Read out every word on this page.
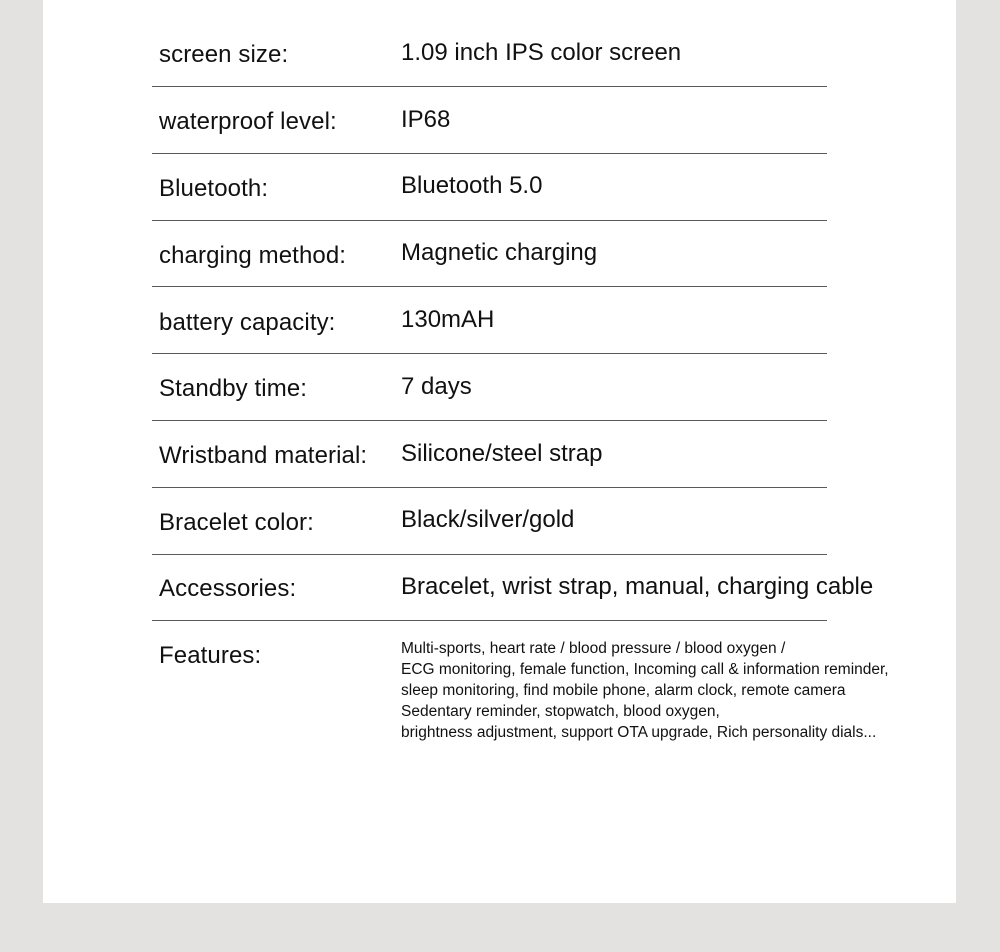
screen size:	1.09 inch IPS color screen
waterproof level:	IP68
Bluetooth:	Bluetooth 5.0
charging method: Magnetic charging
battery capacity:	130mAH
Standby time:	7 days
Wristband material: Silicone/steel strap
Bracelet color:	Black/silver/gold
Accessories:	Bracelet, wrist strap, manual, charging cable
Features:	Multi-sports, heart rate / blood pressure / blood oxygen /
ECG monitoring, female function, Incoming call & information reminder,
sleep monitoring, find mobile phone, alarm clock, remote camera
Sedentary reminder, stopwatch, blood oxygen,
brightness adjustment, support OTA upgrade, Rich personality dials...
